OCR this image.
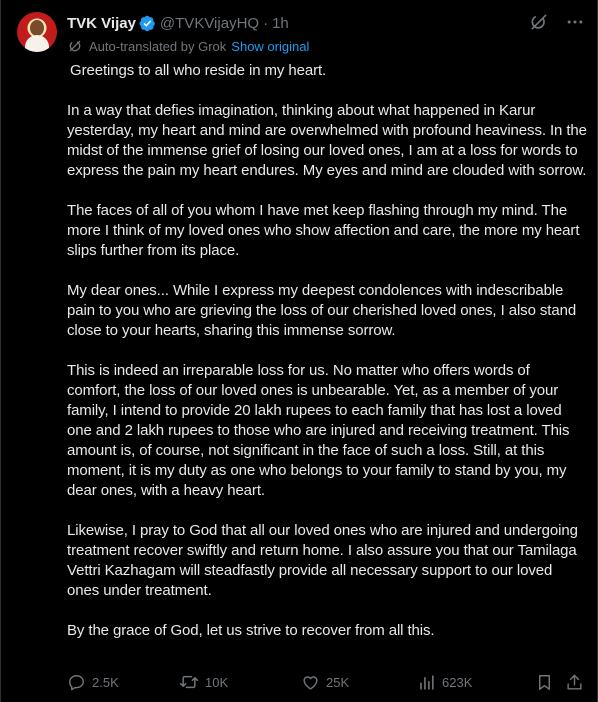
TVK Vijay @TVKVijayHQ · 1h
Auto-translated by Grok Show original

Greetings to all who reside in my heart.

In a way that defies imagination, thinking about what happened in Karur yesterday, my heart and mind are overwhelmed with profound heaviness. In the midst of the immense grief of losing our loved ones, I am at a loss for words to express the pain my heart endures. My eyes and mind are clouded with sorrow.

The faces of all of you whom I have met keep flashing through my mind. The more I think of my loved ones who show affection and care, the more my heart slips further from its place.

My dear ones... While I express my deepest condolences with indescribable pain to you who are grieving the loss of our cherished loved ones, I also stand close to your hearts, sharing this immense sorrow.

This is indeed an irreparable loss for us. No matter who offers words of comfort, the loss of our loved ones is unbearable. Yet, as a member of your family, I intend to provide 20 lakh rupees to each family that has lost a loved one and 2 lakh rupees to those who are injured and receiving treatment. This amount is, of course, not significant in the face of such a loss. Still, at this moment, it is my duty as one who belongs to your family to stand by you, my dear ones, with a heavy heart.

Likewise, I pray to God that all our loved ones who are injured and undergoing treatment recover swiftly and return home. I also assure you that our Tamilaga Vettri Kazhagam will steadfastly provide all necessary support to our loved ones under treatment.

By the grace of God, let us strive to recover from all this.

2.5K	10K	25K	623K
